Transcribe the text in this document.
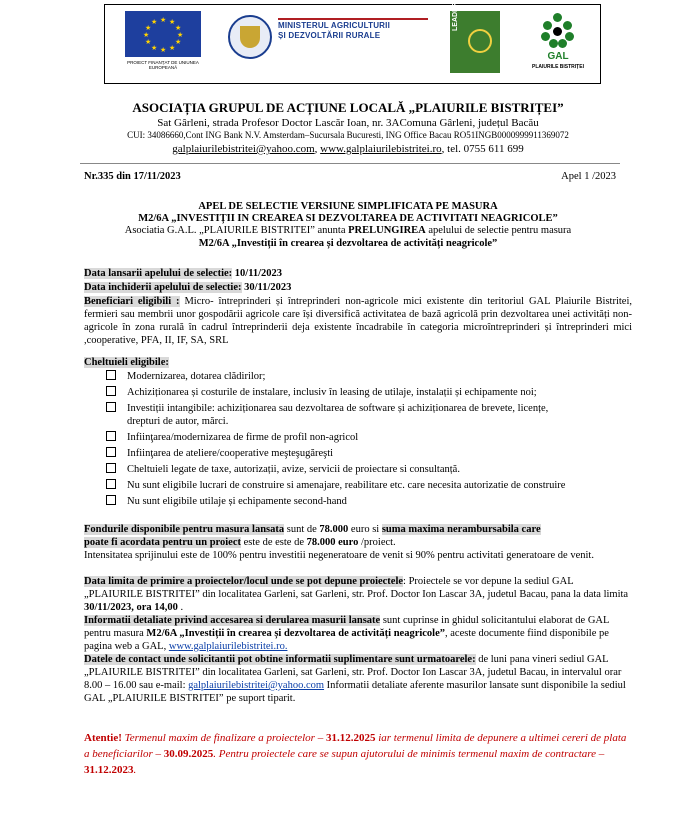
★ ★
★
★
★
★
★
★
★
★
★
★
PROIECT FINANȚAT DE UNIUNEA EUROPEANĂ
MINISTERUL AGRICULTURII
ȘI DEZVOLTĂRII RURALE
LEADER
GAL
PLAIURILE BISTRIȚEI
ASOCIAȚIA GRUPUL DE ACȚIUNE LOCALĂ „PLAIURILE BISTRIȚEI”
Sat Gârleni, strada Profesor Doctor Lascăr Ioan, nr. 3AComuna Gârleni, județul Bacău
CUI: 34086660,Cont ING Bank N.V. Amsterdam–Sucursala Bucuresti, ING Office Bacau RO51INGB0000999911369072
galplaiurilebistritei@yahoo.com, www.galplaiurilebistritei.ro, tel. 0755 611 699
Nr.335 din 17/11/2023	Apel 1 /2023
APEL DE SELECTIE VERSIUNE SIMPLIFICATA PE MASURA
M2/6A „INVESTIȚII IN CREAREA SI DEZVOLTAREA DE ACTIVITATI NEAGRICOLE”
Asociatia G.A.L. „PLAIURILE BISTRITEI” anunta PRELUNGIREA apelului de selectie pentru masura
M2/6A „Investiții în crearea și dezvoltarea de activități neagricole”
Data lansarii apelului de selectie: 10/11/2023
Data inchiderii apelului de selectie: 30/11/2023
Beneficiari eligibili : Micro- întreprinderi și întreprinderi non-agricole mici existente din teritoriul GAL Plaiurile Bistritei, fermieri sau membrii unor gospodării agricole care își diversifică activitatea de bază agricolă prin dezvoltarea unei activități non-agricole în zona rurală în cadrul întreprinderii deja existente încadrabile în categoria microîntreprinderi și întreprinderi mici ,cooperative, PFA, II, IF, SA, SRL
Cheltuieli eligibile:
Modernizarea, dotarea clădirilor;
Achiziționarea și costurile de instalare, inclusiv în leasing de utilaje, instalații și echipamente noi;
Investiții intangibile: achiziționarea sau dezvoltarea de software și achiziționarea de brevete, licențe,
drepturi de autor, mărci.
Infiinţarea/modernizarea de firme de profil non-agricol
Infiinţarea de ateliere/cooperative meşteşugăreşti
Cheltuieli legate de taxe, autorizații, avize, servicii de proiectare si consultanță.
Nu sunt eligibile lucrari de construire si amenajare, reabilitare etc. care necesita autorizatie de construire
Nu sunt eligibile utilaje și echipamente second-hand
Fondurile disponibile pentru masura lansata sunt de 78.000 euro si suma maxima nerambursabila care
poate fi acordata pentru un proiect este de este de 78.000 euro /proiect.
Intensitatea sprijinului este de 100% pentru investitii negeneratoare de venit si 90% pentru activitati generatoare de venit.
Data limita de primire a proiectelor/locul unde se pot depune proiectele: Proiectele se vor depune la sediul GAL „PLAIURILE BISTRITEI” din localitatea Garleni, sat Garleni, str. Prof. Doctor Ion Lascar 3A, judetul Bacau, pana la data limita 30/11/2023, ora 14,00 .
Informatii detaliate privind accesarea si derularea masurii lansate sunt cuprinse in ghidul solicitantului elaborat de GAL pentru masura M2/6A „Investiții în crearea și dezvoltarea de activități neagricole”, aceste documente fiind disponibile pe pagina web a GAL, www.galplaiurilebistritei.ro.
Datele de contact unde solicitantii pot obtine informatii suplimentare sunt urmatoarele: de luni pana vineri sediul GAL „PLAIURILE BISTRITEI” din localitatea Garleni, sat Garleni, str. Prof. Doctor Ion Lascar 3A, judetul Bacau, in intervalul orar 8.00 – 16.00 sau e-mail: galplaiurilebistritei@yahoo.com Informatii detaliate aferente masurilor lansate sunt disponibile la sediul GAL „PLAIURILE BISTRITEI” pe suport tiparit.
Atentie! Termenul maxim de finalizare a proiectelor – 31.12.2025 iar termenul limita de depunere a ultimei cereri de plata a beneficiarilor – 30.09.2025. Pentru proiectele care se supun ajutorului de minimis termenul maxim de contractare – 31.12.2023.
